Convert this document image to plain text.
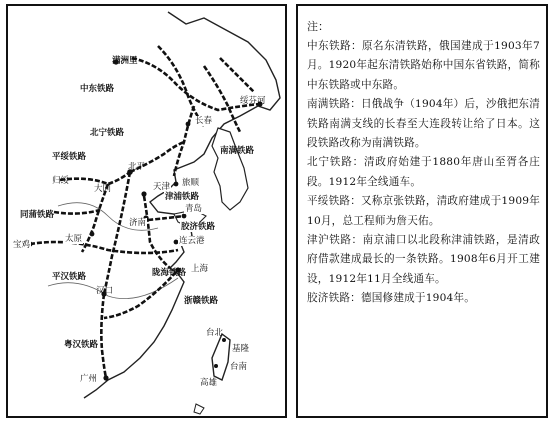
满洲里
中东铁路
绥芬河
长春
南满铁路
北宁铁路
平绥铁路
北平
归绥
大同	天津 旅顺
津浦铁路
同蒲铁路
济南
青岛
胶济铁路
连云港
太原
宝鸡
陇海铁路 上海
平汉铁路
汉口
浙赣铁路
台北
基隆
粤汉铁路
台南
广州	高雄
注：

中东铁路：原名东清铁路，俄国建成于1903年7月。1920年起东清铁路始称中国东省铁路，简称中东铁路或中东路。

南满铁路：日俄战争（1904年）后，沙俄把东清铁路南满支线的长春至大连段转让给了日本。这段铁路改称为南满铁路。

北宁铁路：清政府始建于1880年唐山至胥各庄段。1912年全线通车。

平绥铁路：又称京张铁路，清政府建成于1909年10月，总工程师为詹天佑。

津沪铁路：南京浦口以北段称津浦铁路，是清政府借款建成最长的一条铁路。1908年6月开工建设，1912年11月全线通车。

胶济铁路：德国修建成于1904年。
